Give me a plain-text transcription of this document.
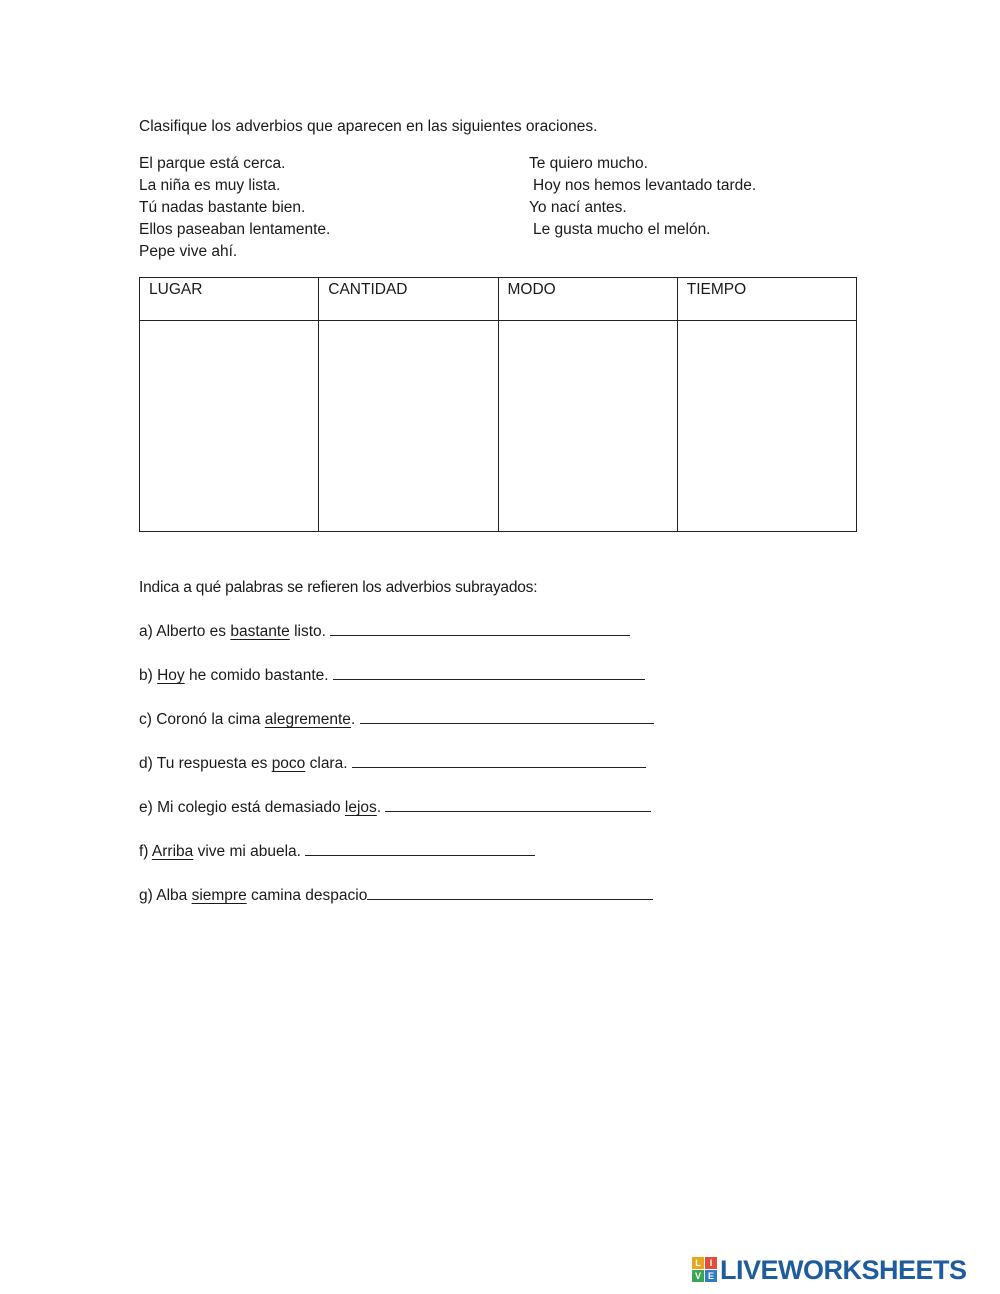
Clasifique los adverbios que aparecen en las siguientes oraciones.
El parque está cerca.
La niña es muy lista.
Tú nadas bastante bien.
Ellos paseaban lentamente.
Pepe vive ahí.
Te quiero mucho.
Hoy nos hemos levantado tarde.
Yo nací antes.
Le gusta mucho el melón.
LUGAR	CANTIDAD	MODO	TIEMPO

Indica a qué palabras se refieren los adverbios subrayados:
a) Alberto es bastante listo.
b) Hoy he comido bastante.
c) Coronó la cima alegremente.
d) Tu respuesta es poco clara.
e) Mi colegio está demasiado lejos.
f) Arriba vive mi abuela.
g) Alba siempre camina despacio
L I
V E LIVEWORKSHEETS
